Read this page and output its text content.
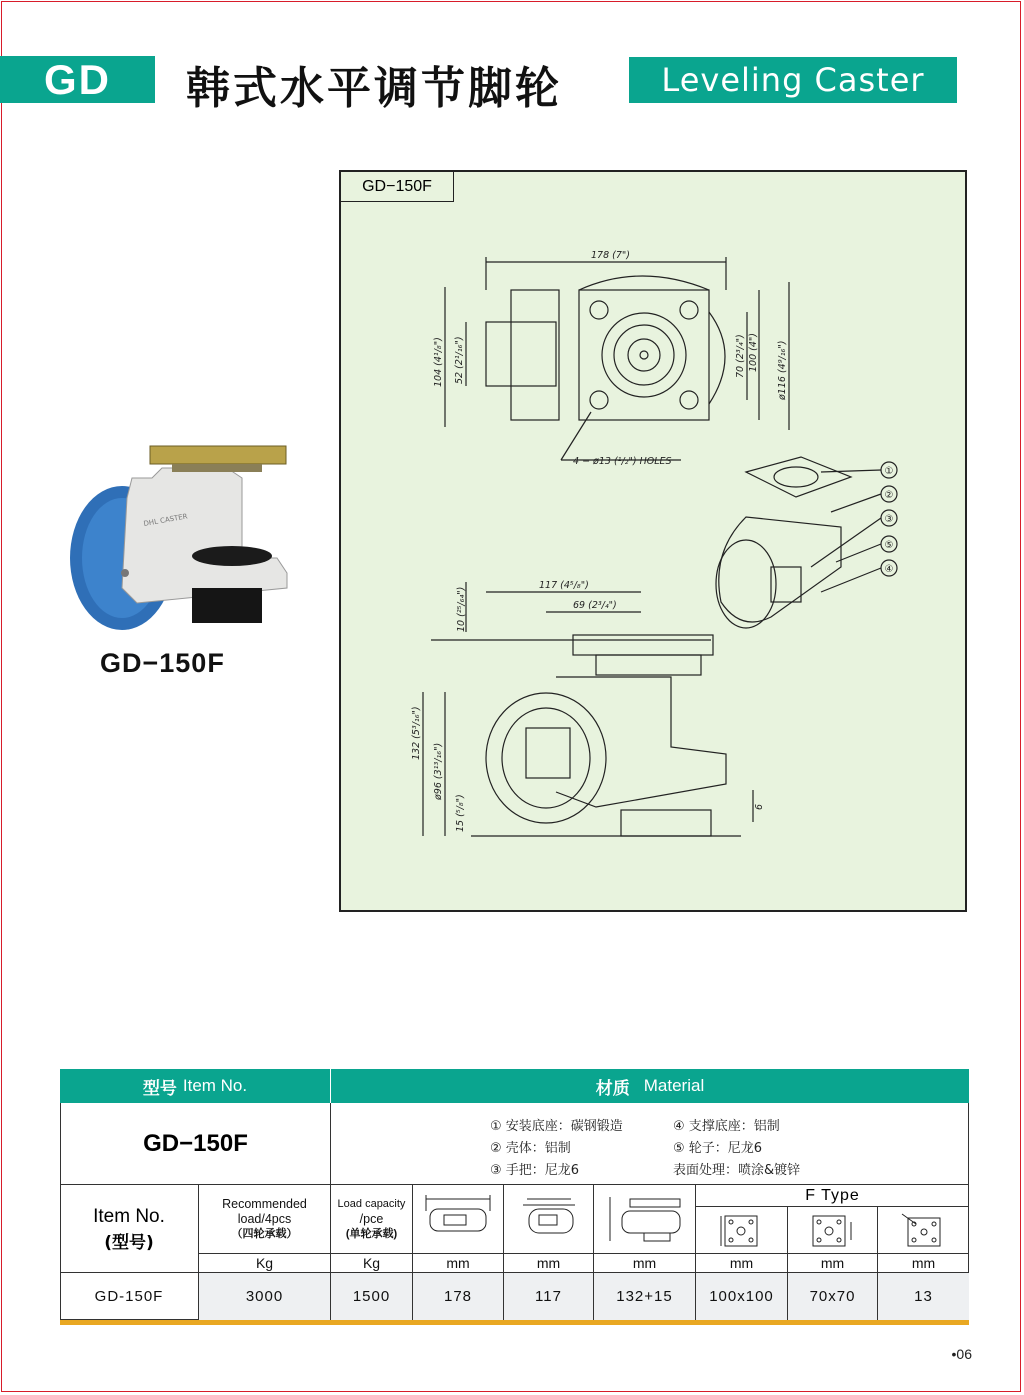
GD	韩式水平调节脚轮	Leveling Caster
DHL CASTER
GD−150F
178 (7")
104 (4¹/₈") 52 (2¹/₁₆")	70 (2³/₄") 100 (4") ø116 (4⁹/₁₆")
4 − ø13 (¹/₂") HOLES
117 (4⁵/₈")
69 (2³/₄")
10 (²⁵/₆₄")
132 (5³/₁₆")
ø96 (3¹³/₁₆")
15 (⁵/₈")	6
①
②
③
⑤
④
GD−150F
型号 Item No.	材质 Material
GD−150F
① 安装底座：碳钢锻造
② 壳体：铝制
③ 手把：尼龙6
④ 支撑底座：铝制
⑤ 轮子：尼龙6
表面处理：喷涂&镀锌
Item No.
(型号)
Recommended
load/4pcs
（四轮承载）
Load capacity
/pce
(单轮承载)
F Type
Kg	Kg	mm	mm	mm	mm	mm	mm
GD-150F	3000	1500	178	117	132+15	100x100	70x70	13
•06
